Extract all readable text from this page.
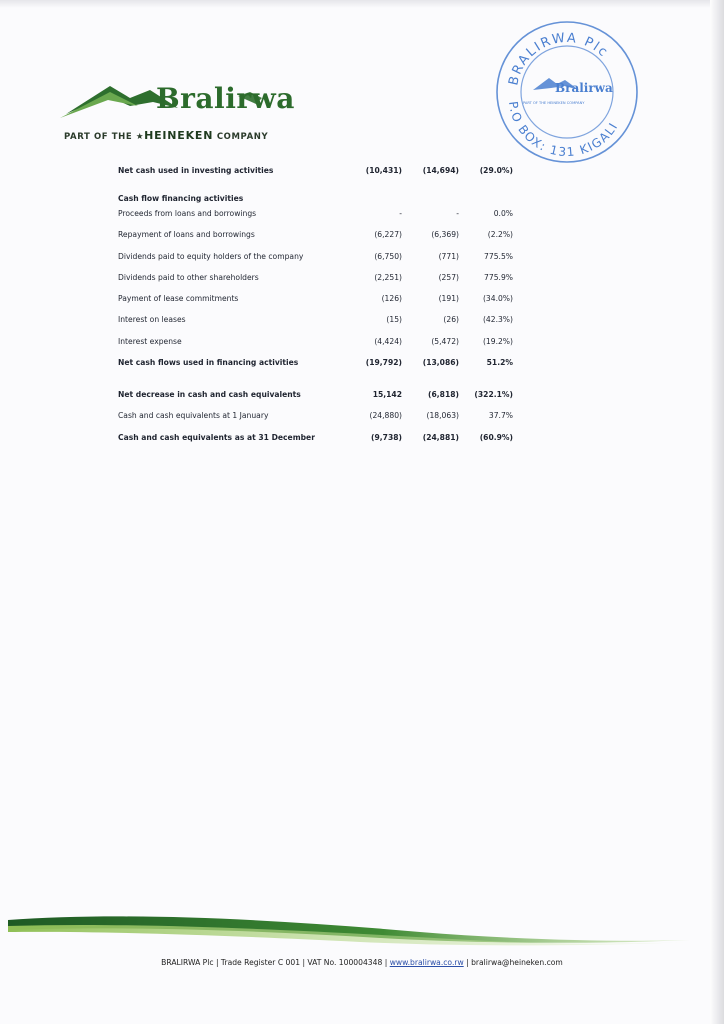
Bralirwa
PART OF THE ★HEINEKEN COMPANY
BRALIRWA Plc
P.O BOX: 131 KIGALI
Bralirwa
PART OF THE HEINEKEN COMPANY
Net cash used in investing activities	(10,431)	(14,694)	(29.0%)
Cash flow financing activities
Proceeds from loans and borrowings	-	-	0.0%
Repayment of loans and borrowings	(6,227)	(6,369)	(2.2%)
Dividends paid to equity holders of the company	(6,750)	(771)	775.5%
Dividends paid to other shareholders	(2,251)	(257)	775.9%
Payment of lease commitments	(126)	(191)	(34.0%)
Interest on leases	(15)	(26)	(42.3%)
Interest expense	(4,424)	(5,472)	(19.2%)
Net cash flows used in financing activities	(19,792)	(13,086)	51.2%
Net decrease in cash and cash equivalents	15,142	(6,818)	(322.1%)
Cash and cash equivalents at 1 January	(24,880)	(18,063)	37.7%
Cash and cash equivalents as at 31 December	(9,738)	(24,881)	(60.9%)
BRALIRWA Plc | Trade Register C 001 | VAT No. 100004348 | www.bralirwa.co.rw | bralirwa@heineken.com
